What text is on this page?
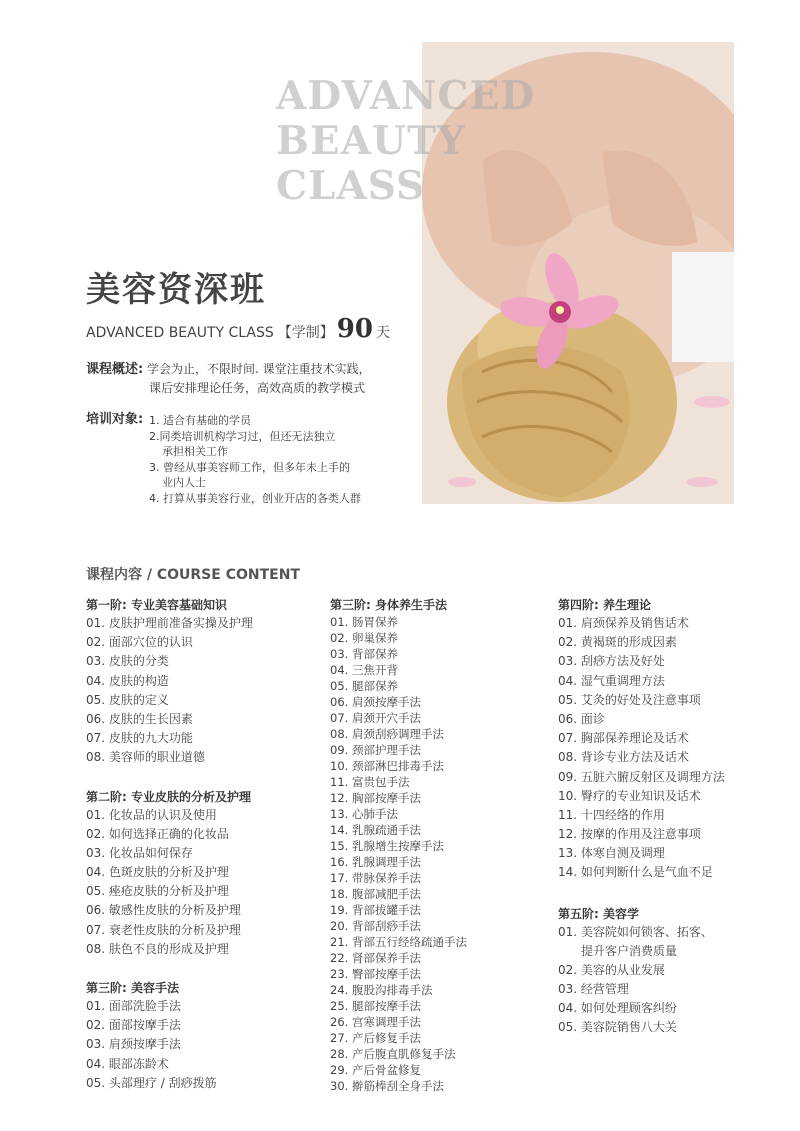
ADVANCED
BEAUTY
CLASS
美容资深班
ADVANCED BEAUTY CLASS 【学制】 90 天
课程概述: 学会为止，不限时间. 课堂注重技术实践，
课后安排理论任务，高效高质的教学模式
培训对象: 1. 适合有基础的学员
2.同类培训机构学习过，但还无法独立
承担相关工作
3. 曾经从事美容师工作，但多年未上手的
业内人士
4. 打算从事美容行业，创业开店的各类人群
课程内容 / COURSE CONTENT
第一阶: 专业美容基础知识
01. 皮肤护理前准备实操及护理
02. 面部穴位的认识
03. 皮肤的分类
04. 皮肤的构造
05. 皮肤的定义
06. 皮肤的生长因素
07. 皮肤的九大功能
08. 美容师的职业道德
第二阶: 专业皮肤的分析及护理
01. 化妆品的认识及使用
02. 如何选择正确的化妆品
03. 化妆品如何保存
04. 色斑皮肤的分析及护理
05. 痤疮皮肤的分析及护理
06. 敏感性皮肤的分析及护理
07. 衰老性皮肤的分析及护理
08. 肤色不良的形成及护理
第三阶: 美容手法
01. 面部洗脸手法
02. 面部按摩手法
03. 肩颈按摩手法
04. 眼部冻龄术
05. 头部理疗 / 刮痧拨筋
第三阶: 身体养生手法
01. 肠胃保养
02. 卵巢保养
03. 背部保养
04. 三焦开背
05. 腿部保养
06. 肩颈按摩手法
07. 肩颈开穴手法
08. 肩颈刮痧调理手法
09. 颈部护理手法
10. 颈部淋巴排毒手法
11. 富贵包手法
12. 胸部按摩手法
13. 心肺手法
14. 乳腺疏通手法
15. 乳腺增生按摩手法
16. 乳腺调理手法
17. 带脉保养手法
18. 腹部减肥手法
19. 背部拔罐手法
20. 背部刮痧手法
21. 背部五行经络疏通手法
22. 肾部保养手法
23. 臀部按摩手法
24. 腹股沟排毒手法
25. 腿部按摩手法
26. 宫寒调理手法
27. 产后修复手法
28. 产后腹直肌修复手法
29. 产后骨盆修复
30. 擀筋棒刮全身手法
第四阶: 养生理论
01. 肩颈保养及销售话术
02. 黄褐斑的形成因素
03. 刮痧方法及好处
04. 湿气重调理方法
05. 艾灸的好处及注意事项
06. 面诊
07. 胸部保养理论及话术
08. 背诊专业方法及话术
09. 五脏六腑反射区及调理方法
10. 臀疗的专业知识及话术
11. 十四经络的作用
12. 按摩的作用及注意事项
13. 体寒自测及调理
14. 如何判断什么是气血不足
第五阶: 美容学
01. 美容院如何锁客、拓客、
提升客户消费质量
02. 美容的从业发展
03. 经营管理
04. 如何处理顾客纠纷
05. 美容院销售八大关
